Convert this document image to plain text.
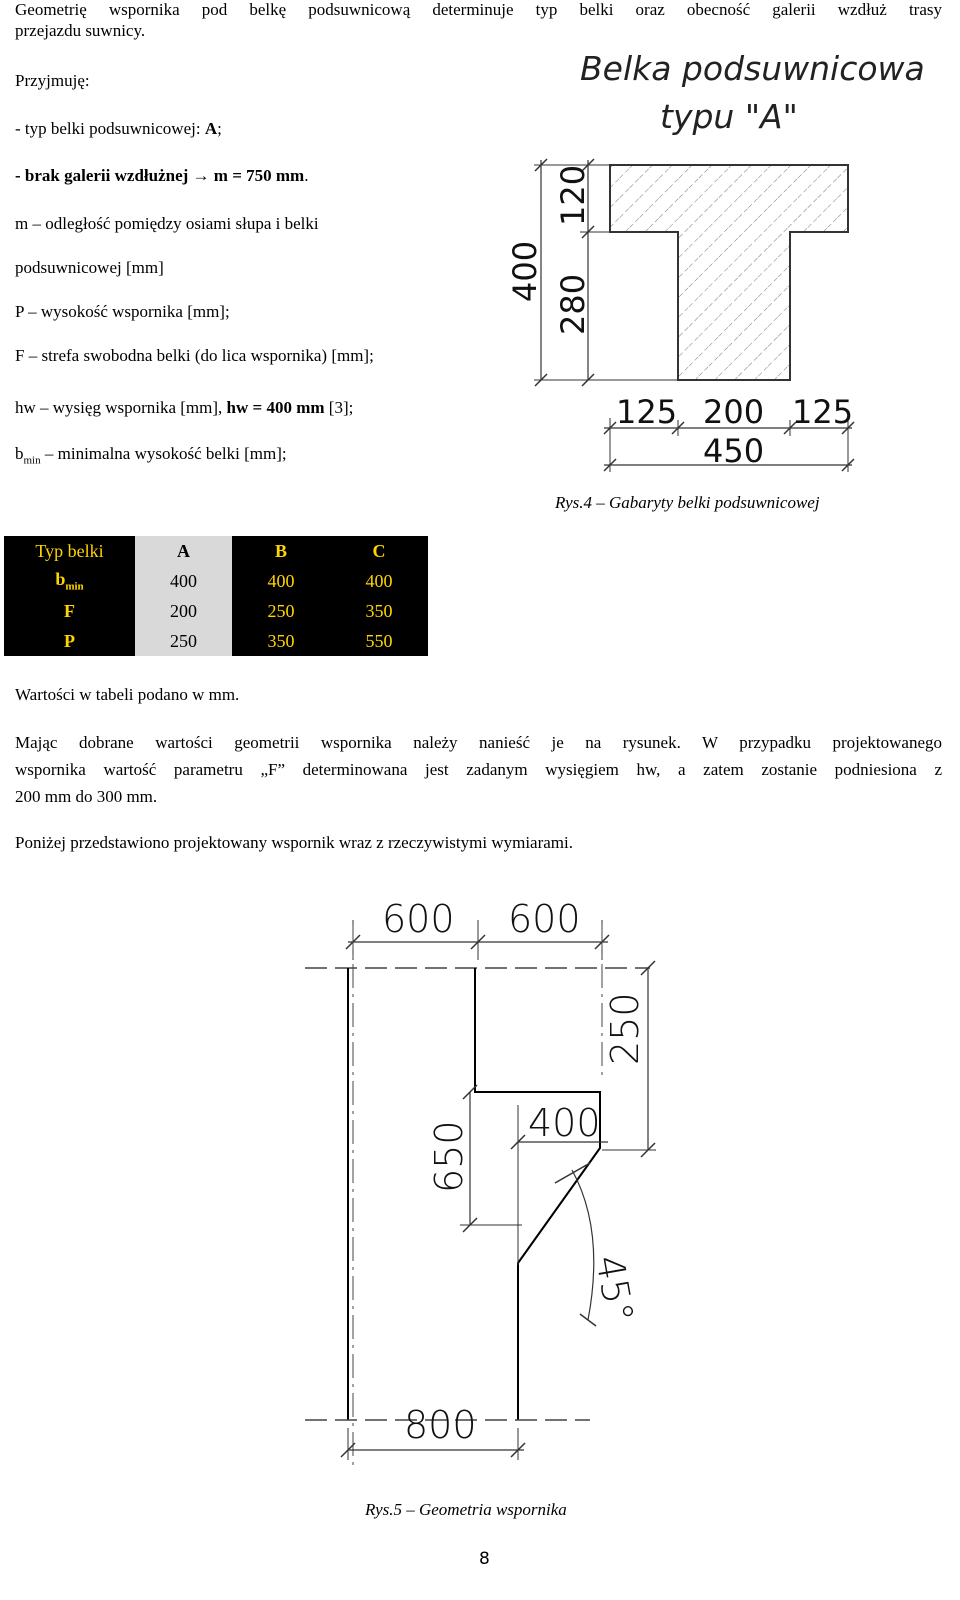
Geometrię wspornika pod belkę podsuwnicową determinuje typ belki oraz obecność galerii wzdłuż trasy
przejazdu suwnicy.
Przyjmuję:
- typ belki podsuwnicowej: A;
- brak galerii wzdłużnej → m = 750 mm.
m – odległość pomiędzy osiami słupa i belki
podsuwnicowej [mm]
P – wysokość wspornika [mm];
F – strefa swobodna belki (do lica wspornika) [mm];
hw – wysięg wspornika [mm], hw = 400 mm [3];
$b_{min}$ – minimalna wysokość belki [mm];
Belka podsuwnicowa
typu "A"
400
120
280
125 200 125
450
Rys.4 – Gabaryty belki podsuwnicowej
Typ belki	A	B	C
$b_{min}$	400	400	400
F	200	250	350
P	250	350	550
Wartości w tabeli podano w mm.
Mając dobrane wartości geometrii wspornika należy nanieść je na rysunek. W przypadku projektowanego
wspornika wartość parametru „F” determinowana jest zadanym wysięgiem hw, a zatem zostanie podniesiona z
200 mm do 300 mm.
Poniżej przedstawiono projektowany wspornik wraz z rzeczywistymi wymiarami.
600 600
250
650 400
45°
800
Rys.5 – Geometria wspornika
8
